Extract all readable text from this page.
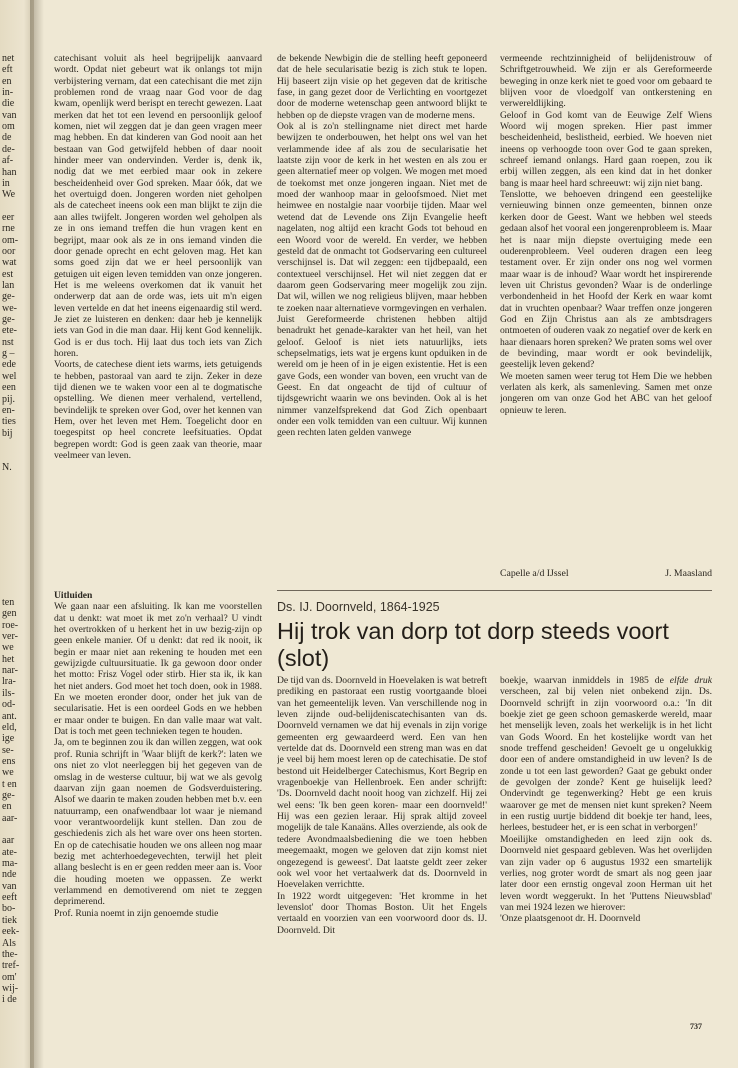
net
eft
en
in-
die
van
om
de
de-
af-
han
in
We
eer
rne
om-
oor
wat
est
lan
ge-
we-
ge-
ete-
nst
g –
ede
wel
een
pij.
en-
ties
bij
N.
ten
gen
roe-
ver-
we
het
nar-
lra-
ils-
od-
ant.
eld,
ige
se-
ens
we
t en
ge-
en
aar-
aar
ate-
ma-
nde
van
eeft
bo-
tiek
eek-
Als
the-
tref-
om'
wij-
i de

catechisant voluit als heel begrijpelijk aanvaard wordt. Opdat niet gebeurt wat ik onlangs tot mijn verbijstering vernam, dat een catechisant die met zijn problemen rond de vraag naar God voor de dag kwam, openlijk werd berispt en terecht gewezen. Laat merken dat het tot een levend en persoonlijk geloof komen, niet wil zeggen dat je dan geen vragen meer mag hebben. En dat kinderen van God nooit aan het bestaan van God getwijfeld hebben of daar nooit hinder meer van ondervinden. Verder is, denk ik, nodig dat we met eerbied maar ook in zekere bescheidenheid over God spreken. Maar óók, dat we het overtuigd doen. Jongeren worden niet geholpen als de catecheet ineens ook een man blijkt te zijn die aan alles twijfelt. Jongeren worden wel geholpen als ze in ons iemand treffen die hun vragen kent en begrijpt, maar ook als ze in ons iemand vinden die door genade oprecht en echt geloven mag. Het kan soms goed zijn dat we er heel persoonlijk van getuigen uit eigen leven temidden van onze jongeren. Het is me weleens overkomen dat ik vanuit het onderwerp dat aan de orde was, iets uit m'n eigen leven vertelde en dat het ineens eigenaardig stil werd. Je ziet ze luisteren en denken: daar heb je kennelijk iets van God in die man daar. Hij kent God kennelijk. God is er dus toch. Hij laat dus toch iets van Zich horen.

Voorts, de catechese dient iets warms, iets getuigends te hebben, pastoraal van aard te zijn. Zeker in deze tijd dienen we te waken voor een al te dogmatische opstelling. We dienen meer verhalend, vertellend, bevindelijk te spreken over God, over het kennen van Hem, over het leven met Hem. Toegelicht door en toegespitst op heel concrete leefsituaties. Opdat begrepen wordt: God is geen zaak van theorie, maar veelmeer van leven.

Uitluiden

We gaan naar een afsluiting. Ik kan me voorstellen dat u denkt: wat moet ik met zo'n verhaal? U vindt het overtrokken of u herkent het in uw bezig-zijn op geen enkele manier. Of u denkt: dat red ik nooit, ik begin er maar niet aan rekening te houden met een gewijzigde cultuursituatie. Ik ga gewoon door onder het motto: Frisz Vogel oder stirb. Hier sta ik, ik kan het niet anders. God moet het toch doen, ook in 1988. En we moeten eronder door, onder het juk van de secularisatie. Het is een oordeel Gods en we hebben er maar onder te buigen. En dan valle maar wat valt. Dat is toch met geen technieken tegen te houden.

Ja, om te beginnen zou ik dan willen zeggen, wat ook prof. Runia schrijft in 'Waar blijft de kerk?': laten we ons niet zo vlot neerleggen bij het gegeven van de omslag in de westerse cultuur, bij wat we als gevolg daarvan zijn gaan noemen de Godsverduistering. Alsof we daarin te maken zouden hebben met b.v. een natuurramp, een onafwendbaar lot waar je niemand voor verantwoordelijk kunt stellen. Dan zou de geschiedenis zich als het ware over ons heen storten. En op de catechisatie houden we ons alleen nog maar bezig met achterhoedegevechten, terwijl het pleit allang beslecht is en er geen redden meer aan is. Voor die houding moeten we oppassen. Ze werkt verlammend en demotiverend om niet te zeggen deprimerend.

Prof. Runia noemt in zijn genoemde studie

de bekende Newbigin die de stelling heeft geponeerd dat de hele secularisatie bezig is zich stuk te lopen. Hij baseert zijn visie op het gegeven dat de kritische fase, in gang gezet door de Verlichting en voortgezet door de moderne wetenschap geen antwoord blijkt te hebben op de diepste vragen van de moderne mens.

Ook al is zo'n stellingname niet direct met harde bewijzen te onderbouwen, het helpt ons wel van het verlammende idee af als zou de secularisatie het laatste zijn voor de kerk in het westen en als zou er geen alternatief meer op volgen. We mogen met moed de toekomst met onze jongeren ingaan. Niet met de moed der wanhoop maar in geloofsmoed. Niet met heimwee en nostalgie naar voorbije tijden. Maar wel wetend dat de Levende ons Zijn Evangelie heeft nagelaten, nog altijd een kracht Gods tot behoud en een Woord voor de wereld. En verder, we hebben gesteld dat de onmacht tot Godservaring een cultureel verschijnsel is. Dat wil zeggen: een tijdbepaald, een contextueel verschijnsel. Het wil niet zeggen dat er daarom geen Godservaring meer mogelijk zou zijn. Dat wil, willen we nog religieus blijven, maar hebben te zoeken naar alternatieve vormgevingen en verhalen.

Juist Gereformeerde christenen hebben altijd benadrukt het genade-karakter van het heil, van het geloof. Geloof is niet iets natuurlijks, iets schepselmatigs, iets wat je ergens kunt opduiken in de wereld om je heen of in je eigen existentie. Het is een gave Gods, een wonder van boven, een vrucht van de Geest. En dat ongeacht de tijd of cultuur of tijdsgewricht waarin we ons bevinden. Ook al is het nimmer vanzelfsprekend dat God Zich openbaart onder een volk temidden van een cultuur. Wij kunnen geen rechten laten gelden vanwege

vermeende rechtzinnigheid of belijdenistrouw of Schriftgetrouwheid. We zijn er als Gereformeerde beweging in onze kerk niet te goed voor om gebaard te blijven voor de vloedgolf van ontkerstening en verwereldlijking.

Geloof in God komt van de Eeuwige Zelf Wiens Woord wij mogen spreken. Hier past immer bescheidenheid, beslistheid, eerbied. We hoeven niet ineens op verhoogde toon over God te gaan spreken, schreef iemand onlangs. Hard gaan roepen, zou ik erbij willen zeggen, als een kind dat in het donker bang is maar heel hard schreeuwt: wij zijn niet bang.

Tenslotte, we behoeven dringend een geestelijke vernieuwing binnen onze gemeenten, binnen onze kerken door de Geest. Want we hebben wel steeds gedaan alsof het vooral een jongerenprobleem is. Maar het is naar mijn diepste overtuiging mede een ouderenprobleem. Veel ouderen dragen een leeg testament over. Er zijn onder ons nog wel vormen maar waar is de inhoud? Waar wordt het inspirerende leven uit Christus gevonden? Waar is de onderlinge verbondenheid in het Hoofd der Kerk en waar komt dat in vruchten openbaar? Waar treffen onze jongeren God en Zijn Christus aan als ze ambtsdragers ontmoeten of ouderen vaak zo negatief over de kerk en haar dienaars horen spreken? We praten soms wel over de bevinding, maar wordt er ook bevindelijk, geestelijk leven gekend?

We moeten samen weer terug tot Hem Die we hebben verlaten als kerk, als samenleving. Samen met onze jongeren om van onze God het ABC van het geloof opnieuw te leren.

Capelle a/d IJssel	J. Maasland
Ds. IJ. Doornveld, 1864-1925
Hij trok van dorp tot dorp steeds voort (slot)

De tijd van ds. Doornveld in Hoevelaken is wat betreft prediking en pastoraat een rustig voortgaande bloei van het gemeentelijk leven. Van verschillende nog in leven zijnde oud-belijdeniscatechisanten van ds. Doornveld vernamen we dat hij evenals in zijn vorige gemeenten erg gewaardeerd werd. Een van hen vertelde dat ds. Doornveld een streng man was en dat je veel bij hem moest leren op de catechisatie. De stof bestond uit Heidelberger Catechismus, Kort Begrip en vragenboekje van Hellenbroek. Een ander schrijft: 'Ds. Doornveld dacht nooit hoog van zichzelf. Hij zei wel eens: 'Ik ben geen koren- maar een doornveld!' Hij was een gezien leraar. Hij sprak altijd zoveel mogelijk de tale Kanaäns. Alles overziende, als ook de tedere Avondmaalsbediening die we toen hebben meegemaakt, mogen we geloven dat zijn komst niet ongezegend is geweest'. Dat laatste geldt zeer zeker ook wel voor het vertaalwerk dat ds. Doornveld in Hoevelaken verrichtte.

In 1922 wordt uitgegeven: 'Het kromme in het levenslot' door Thomas Boston. Uit het Engels vertaald en voorzien van een voorwoord door ds. IJ. Doornveld. Dit

boekje, waarvan inmiddels in 1985 de elfde druk verscheen, zal bij velen niet onbekend zijn. Ds. Doornveld schrijft in zijn voorwoord o.a.: 'In dit boekje ziet ge geen schoon gemaskerde wereld, maar het menselijk leven, zoals het werkelijk is in het licht van Gods Woord. En het kostelijke wordt van het snode treffend gescheiden! Gevoelt ge u ongelukkig door een of andere omstandigheid in uw leven? Is de zonde u tot een last geworden? Gaat ge gebukt onder de gevolgen der zonde? Kent ge huiselijk leed? Ondervindt ge tegenwerking? Hebt ge een kruis waarover ge met de mensen niet kunt spreken? Neem in een rustig uurtje biddend dit boekje ter hand, lees, herlees, bestudeer het, er is een schat in verborgen!'

Moeilijke omstandigheden en leed zijn ook ds. Doornveld niet gespaard gebleven. Was het overlijden van zijn vader op 6 augustus 1932 een smartelijk verlies, nog groter wordt de smart als nog geen jaar later door een ernstig ongeval zoon Herman uit het leven wordt weggerukt. In het 'Puttens Nieuwsblad' van mei 1924 lezen we hierover:

'Onze plaatsgenoot dr. H. Doornveld

737
